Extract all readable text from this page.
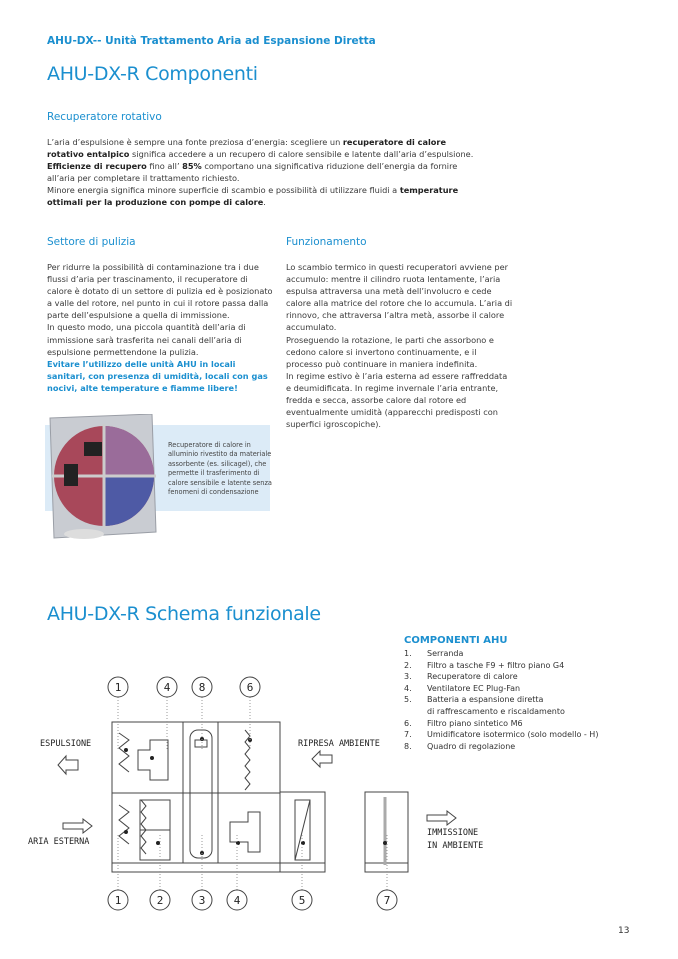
AHU-DX-- Unità Trattamento Aria ad Espansione Diretta
AHU-DX-R Componenti
Recuperatore rotativo
L’aria d’espulsione è sempre una fonte preziosa d’energia: scegliere un recuperatore di calore rotativo entalpico significa accedere a un recupero di calore sensibile e latente dall’aria d’espulsione.
Efficienze di recupero fino all’ 85% comportano una significativa riduzione dell’energia da fornire all’aria per completare il trattamento richiesto.
Minore energia significa minore superficie di scambio e possibilità di utilizzare fluidi a temperature ottimali per la produzione con pompe di calore.
Settore di pulizia
Per ridurre la possibilità di contaminazione tra i due flussi d’aria per trascinamento, il recuperatore di calore è dotato di un settore di pulizia ed è posizionato a valle del rotore, nel punto in cui il rotore passa dalla parte dell’espulsione a quella di immissione.
In questo modo, una piccola quantità dell’aria di immissione sarà trasferita nei canali dell’aria di espulsione permettendone la pulizia.
Evitare l’utilizzo delle unità AHU in locali sanitari, con presenza di umidità, locali con gas nocivi, alte temperature e fiamme libere!
Funzionamento
Lo scambio termico in questi recuperatori avviene per accumulo: mentre il cilindro ruota lentamente, l’aria espulsa attraversa una metà dell’involucro e cede calore alla matrice del rotore che lo accumula. L’aria di rinnovo, che attraversa l’altra metà, assorbe il calore accumulato.
Proseguendo la rotazione, le parti che assorbono e cedono calore si invertono continuamente, e il processo può continuare in maniera indefinita.
In regime estivo è l’aria esterna ad essere raffreddata e deumidificata. In regime invernale l’aria entrante, fredda e secca, assorbe calore dal rotore ed eventualmente umidità (apparecchi predisposti con superfici igroscopiche).
Recuperatore di calore in alluminio rivestito da materiale assorbente (es. silicagel), che permette il trasferimento di calore sensibile e latente senza fenomeni di condensazione
AHU-DX-R Schema funzionale
COMPONENTI AHU
1.	Serranda
2.	Filtro a tasche F9 + filtro piano G4
3.	Recuperatore di calore
4.	Ventilatore EC Plug-Fan
5.	Batteria a espansione diretta
di raffrescamento e riscaldamento
6.	Filtro piano sintetico M6
7.	Umidificatore isotermico (solo modello - H)
8.	Quadro di regolazione
ESPULSIONE	RIPRESA AMBIENTE
ARIA ESTERNA
IMMISSIONE
IN AMBIENTE
1	4	8	6
1	2	3	4	5	7
13
